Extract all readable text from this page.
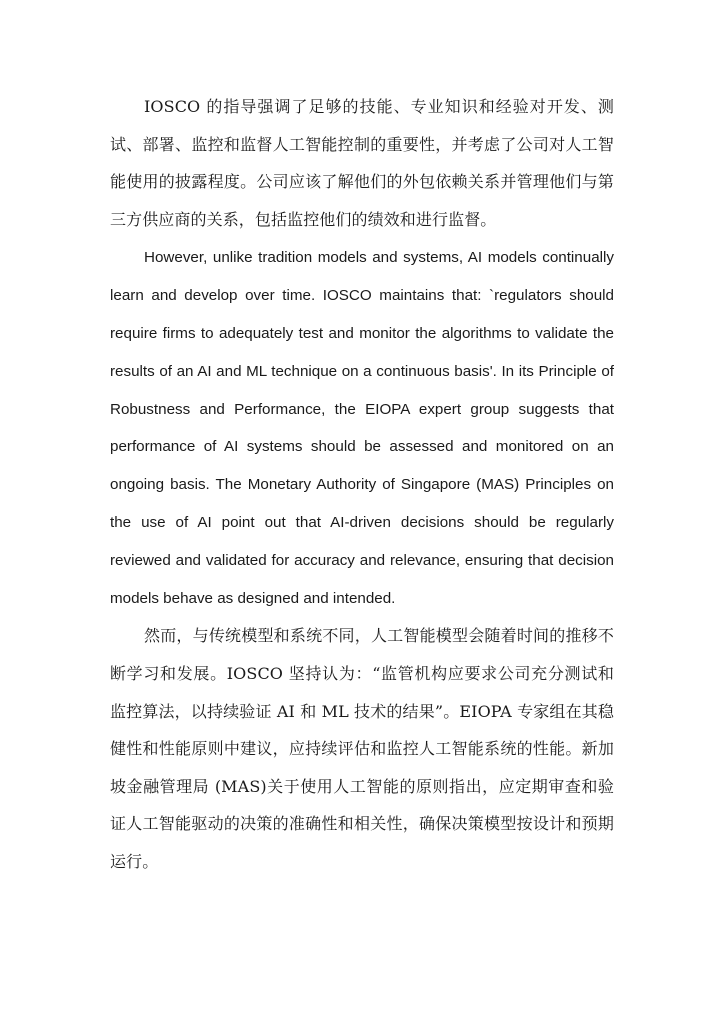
IOSCO 的指导强调了足够的技能、专业知识和经验对开发、测试、部署、监控和监督人工智能控制的重要性，并考虑了公司对人工智能使用的披露程度。公司应该了解他们的外包依赖关系并管理他们与第三方供应商的关系，包括监控他们的绩效和进行监督。

However, unlike tradition models and systems, AI models continually learn and develop over time. IOSCO maintains that: `regulators should require firms to adequately test and monitor the algorithms to validate the results of an AI and ML technique on a continuous basis'. In its Principle of Robustness and Performance, the EIOPA expert group suggests that performance of AI systems should be assessed and monitored on an ongoing basis. The Monetary Authority of Singapore (MAS) Principles on the use of AI point out that AI-driven decisions should be regularly reviewed and validated for accuracy and relevance, ensuring that decision models behave as designed and intended.

然而，与传统模型和系统不同，人工智能模型会随着时间的推移不断学习和发展。IOSCO 坚持认为：“监管机构应要求公司充分测试和监控算法，以持续验证 AI 和 ML 技术的结果”。EIOPA 专家组在其稳健性和性能原则中建议，应持续评估和监控人工智能系统的性能。新加坡金融管理局 (MAS)关于使用人工智能的原则指出，应定期审查和验证人工智能驱动的决策的准确性和相关性，确保决策模型按设计和预期运行。
